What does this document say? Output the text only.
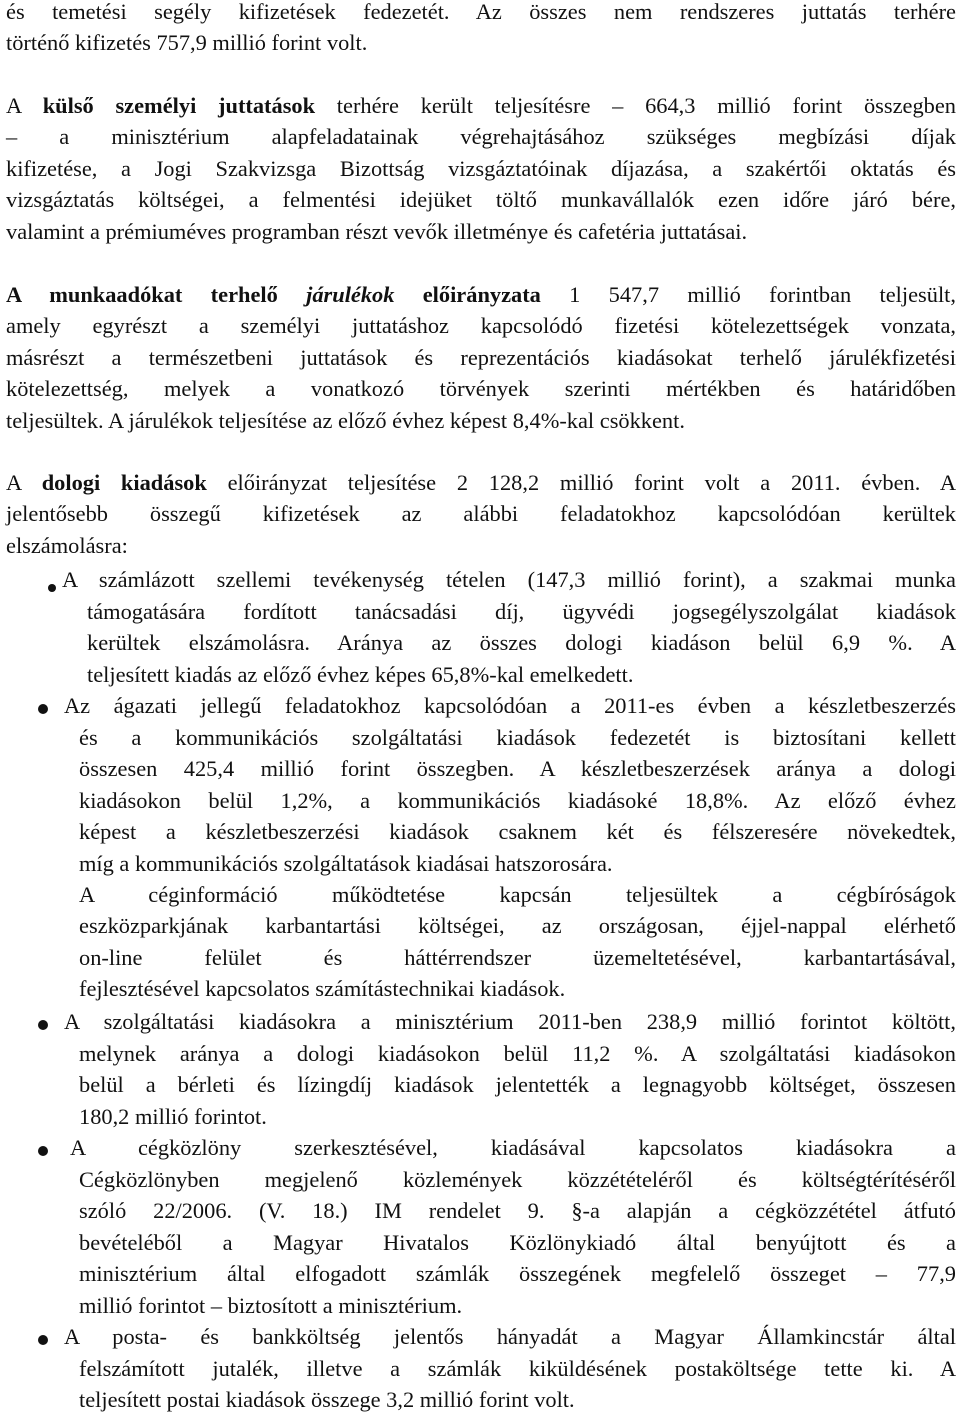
és temetési segély kifizetések fedezetét. Az összes nem rendszeres juttatás terhére
történő kifizetés 757,9 millió forint volt.
A külső személyi juttatások terhére került teljesítésre – 664,3 millió forint összegben
– a minisztérium alapfeladatainak végrehajtásához szükséges megbízási díjak
kifizetése, a Jogi Szakvizsga Bizottság vizsgáztatóinak díjazása, a szakértői oktatás és
vizsgáztatás költségei, a felmentési idejüket töltő munkavállalók ezen időre járó bére,
valamint a prémiuméves programban részt vevők illetménye és cafetéria juttatásai.
A munkaadókat terhelő járulékok előirányzata 1 547,7 millió forintban teljesült,
amely egyrészt a személyi juttatáshoz kapcsolódó fizetési kötelezettségek vonzata,
másrészt a természetbeni juttatások és reprezentációs kiadásokat terhelő járulékfizetési
kötelezettség, melyek a vonatkozó törvények szerinti mértékben és határidőben
teljesültek. A járulékok teljesítése az előző évhez képest 8,4%-kal csökkent.
A dologi kiadások előirányzat teljesítése 2 128,2 millió forint volt a 2011. évben. A
jelentősebb összegű kifizetések az alábbi feladatokhoz kapcsolódóan kerültek
elszámolásra:
A számlázott szellemi tevékenység tételen (147,3 millió forint), a szakmai munka
támogatására fordított tanácsadási díj, ügyvédi jogsegélyszolgálat kiadások
kerültek elszámolásra. Aránya az összes dologi kiadáson belül 6,9 %. A
teljesített kiadás az előző évhez képes 65,8%-kal emelkedett.
Az ágazati jellegű feladatokhoz kapcsolódóan a 2011-es évben a készletbeszerzés
és a kommunikációs szolgáltatási kiadások fedezetét is biztosítani kellett
összesen 425,4 millió forint összegben. A készletbeszerzések aránya a dologi
kiadásokon belül 1,2%, a kommunikációs kiadásoké 18,8%. Az előző évhez
képest a készletbeszerzési kiadások csaknem két és félszeresére növekedtek,
míg a kommunikációs szolgáltatások kiadásai hatszorosára.
A céginformáció működtetése kapcsán teljesültek a cégbíróságok
eszközparkjának karbantartási költségei, az országosan, éjjel-nappal elérhető
on-line felület és háttérrendszer üzemeltetésével, karbantartásával,
fejlesztésével kapcsolatos számítástechnikai kiadások.
A szolgáltatási kiadásokra a minisztérium 2011-ben 238,9 millió forintot költött,
melynek aránya a dologi kiadásokon belül 11,2 %. A szolgáltatási kiadásokon
belül a bérleti és lízingdíj kiadások jelentették a legnagyobb költséget, összesen
180,2 millió forintot.
A cégközlöny szerkesztésével, kiadásával kapcsolatos kiadásokra a
Cégközlönyben megjelenő közlemények közzétételéről és költségtérítéséről
szóló 22/2006. (V. 18.) IM rendelet 9. §-a alapján a cégközzététel átfutó
bevételéből a Magyar Hivatalos Közlönykiadó által benyújtott és a
minisztérium által elfogadott számlák összegének megfelelő összeget – 77,9
millió forintot – biztosított a minisztérium.
A posta- és bankköltség jelentős hányadát a Magyar Államkincstár által
felszámított jutalék, illetve a számlák kiküldésének postaköltsége tette ki. A
teljesített postai kiadások összege 3,2 millió forint volt.
